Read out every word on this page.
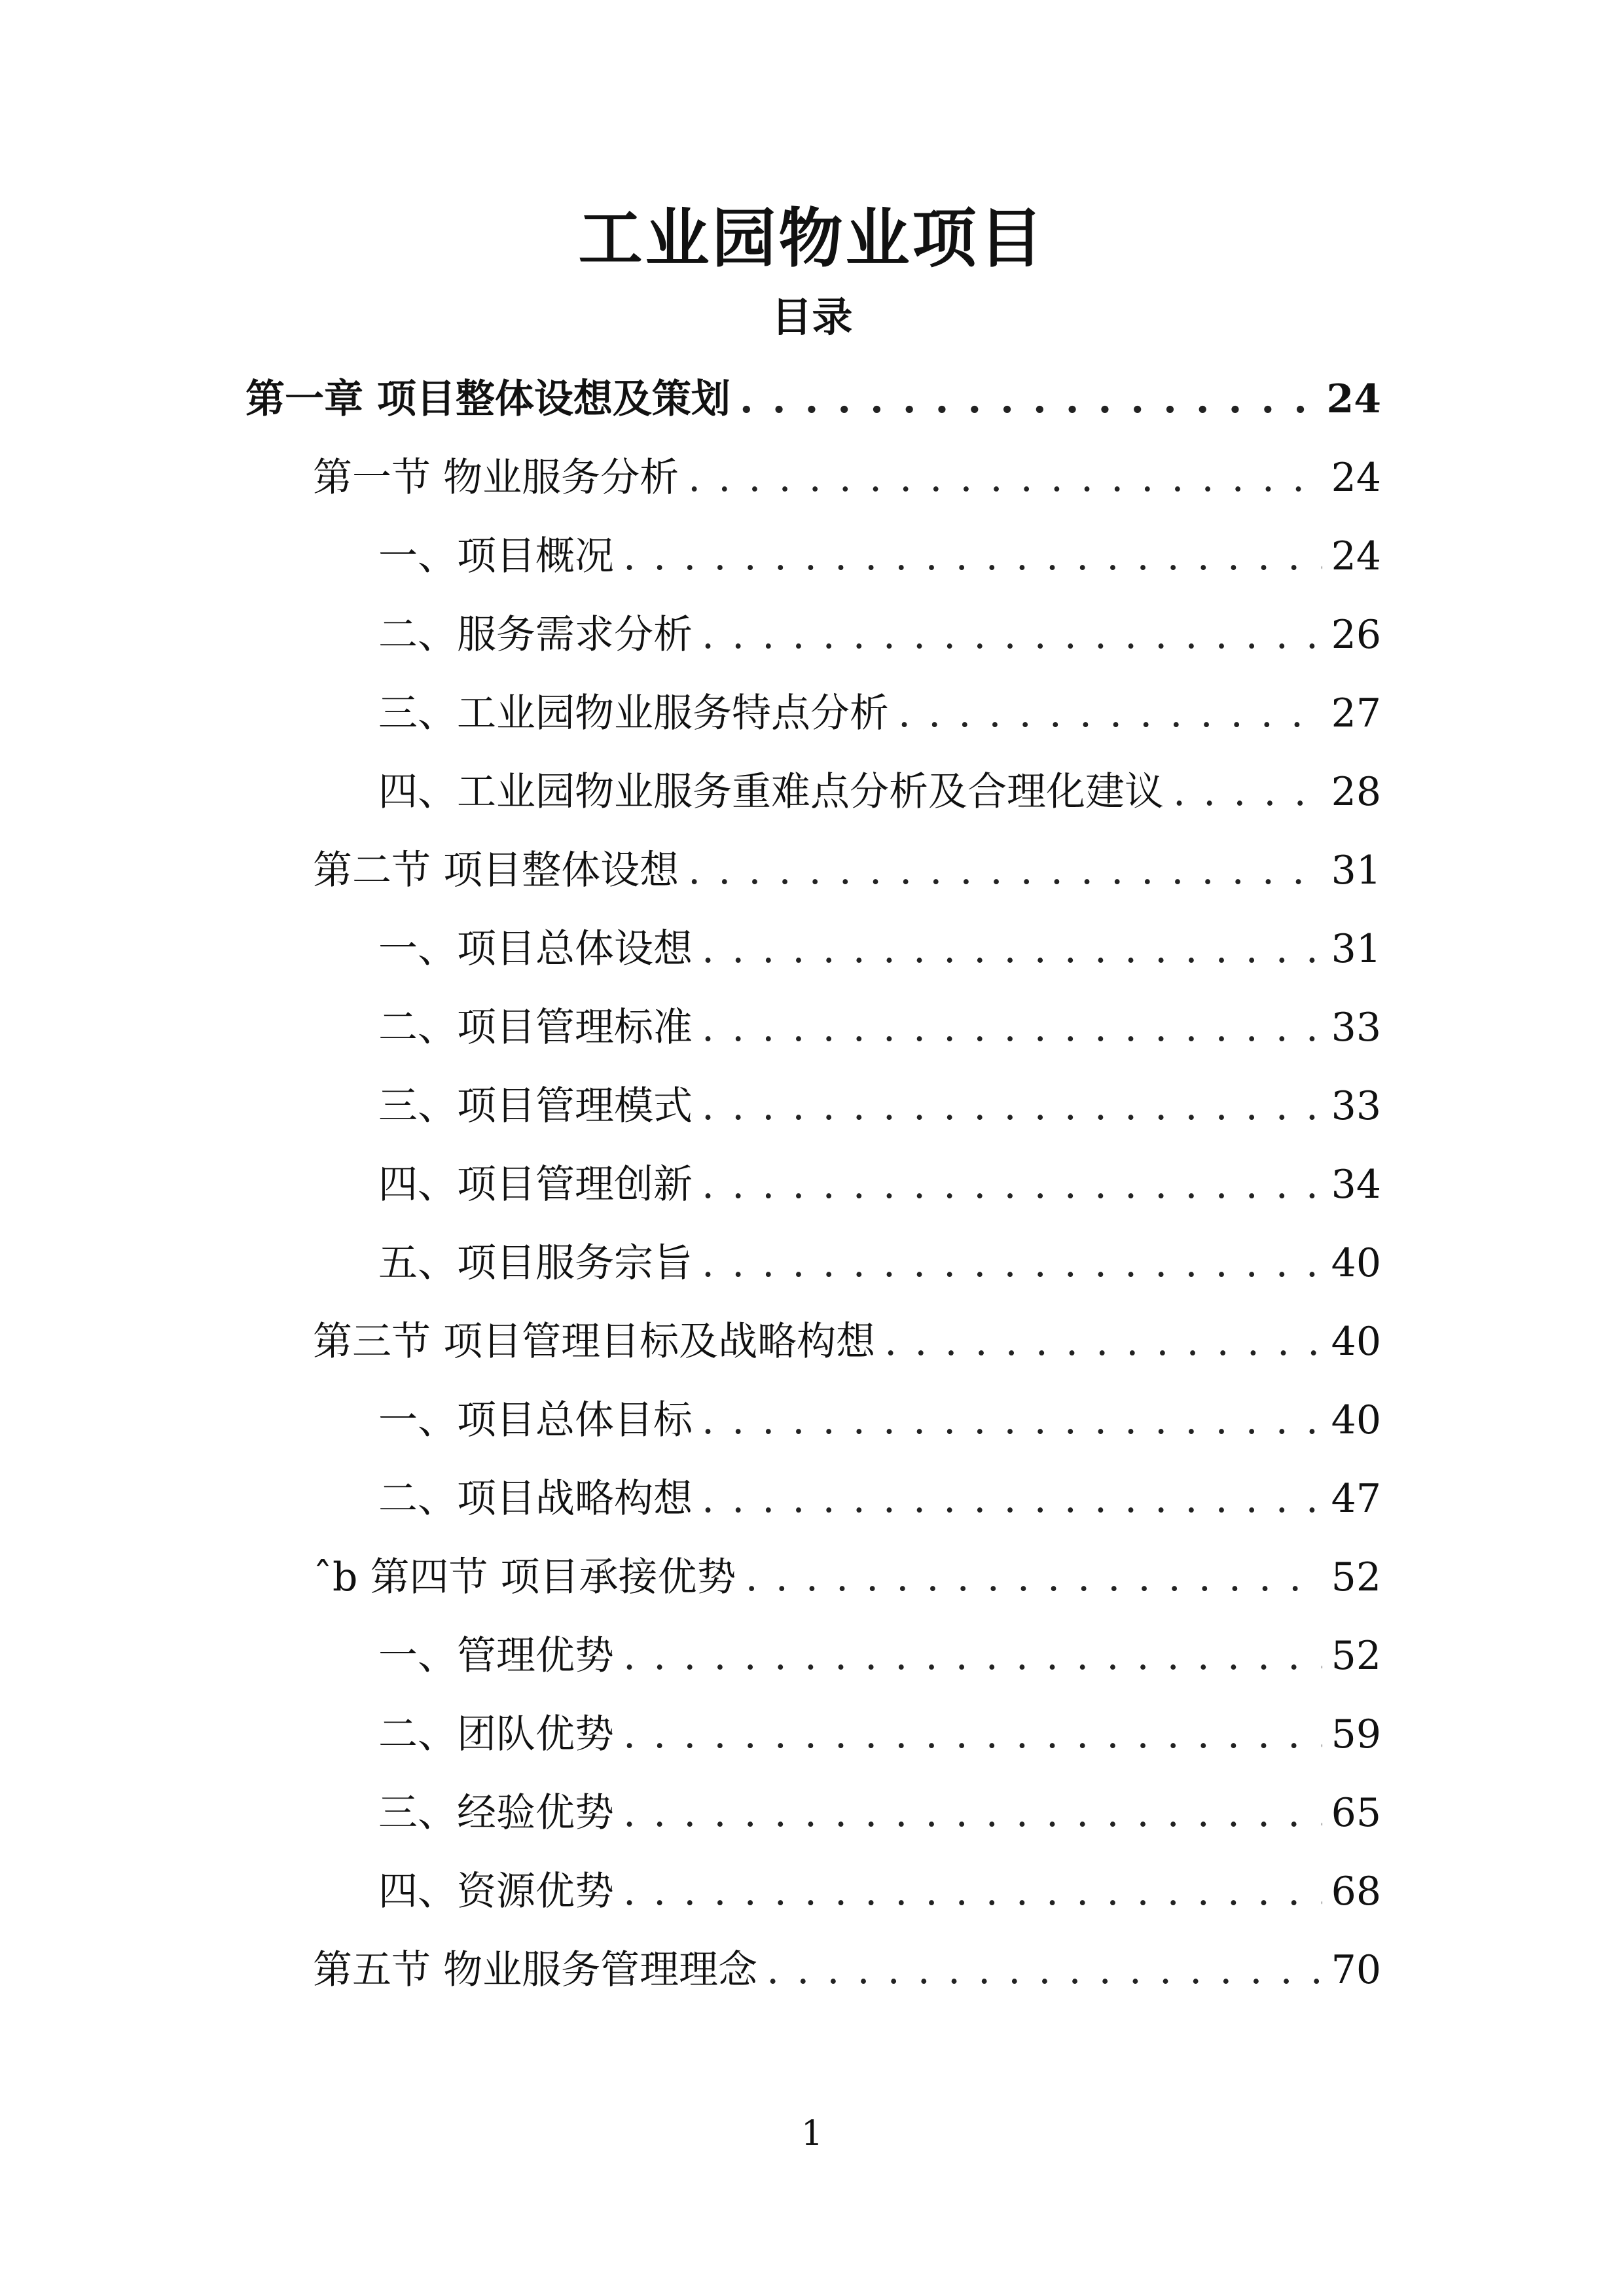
工业园物业项目
目录
第一章 项目整体设想及策划 . . .	24
第一节 物业服务分析 . . .	24
一、项目概况 . . .	24
二、服务需求分析 . . .	26
三、工业园物业服务特点分析 . . .	27
四、工业园物业服务重难点分析及合理化建议 . . .	28
第二节 项目整体设想 . . .	31
一、项目总体设想 . . .	31
二、项目管理标准 . . .	33
三、项目管理模式 . . .	33
四、项目管理创新 . . .	34
五、项目服务宗旨 . . .	40
第三节 项目管理目标及战略构想 . . .	40
一、项目总体目标 . . .	40
二、项目战略构想 . . .	47
ˆb 第四节 项目承接优势 . . .	52
一、管理优势 . . .	52
二、团队优势 . . .	59
三、经验优势 . . .	65
四、资源优势 . . .	68
第五节 物业服务管理理念 . . .	70
1
